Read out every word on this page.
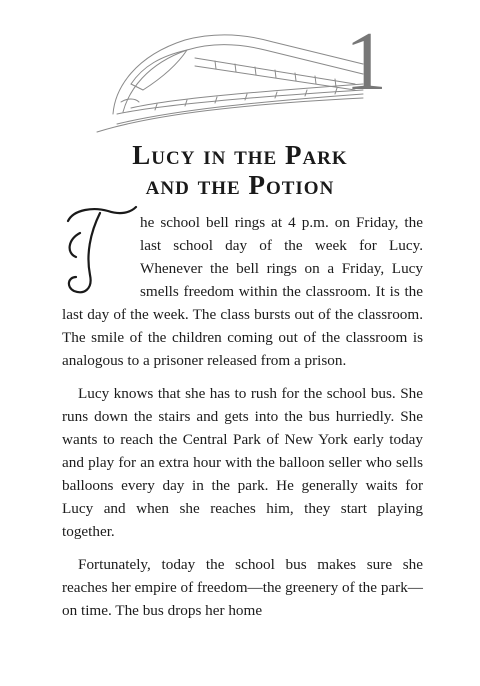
1
Lucy in the Park
and the Potion

he school bell rings at 4 p.m. on Friday, the last school day of the week for Lucy. Whenever the bell rings on a Friday, Lucy smells freedom within the classroom. It is the last day of the week. The class bursts out of the classroom. The smile of the children coming out of the classroom is analogous to a prisoner released from a prison.

Lucy knows that she has to rush for the school bus. She runs down the stairs and gets into the bus hurriedly. She wants to reach the Central Park of New York early today and play for an extra hour with the balloon seller who sells balloons every day in the park. He generally waits for Lucy and when she reaches him, they start playing together.

Fortunately, today the school bus makes sure she reaches her empire of freedom—the greenery of the park—on time. The bus drops her home
